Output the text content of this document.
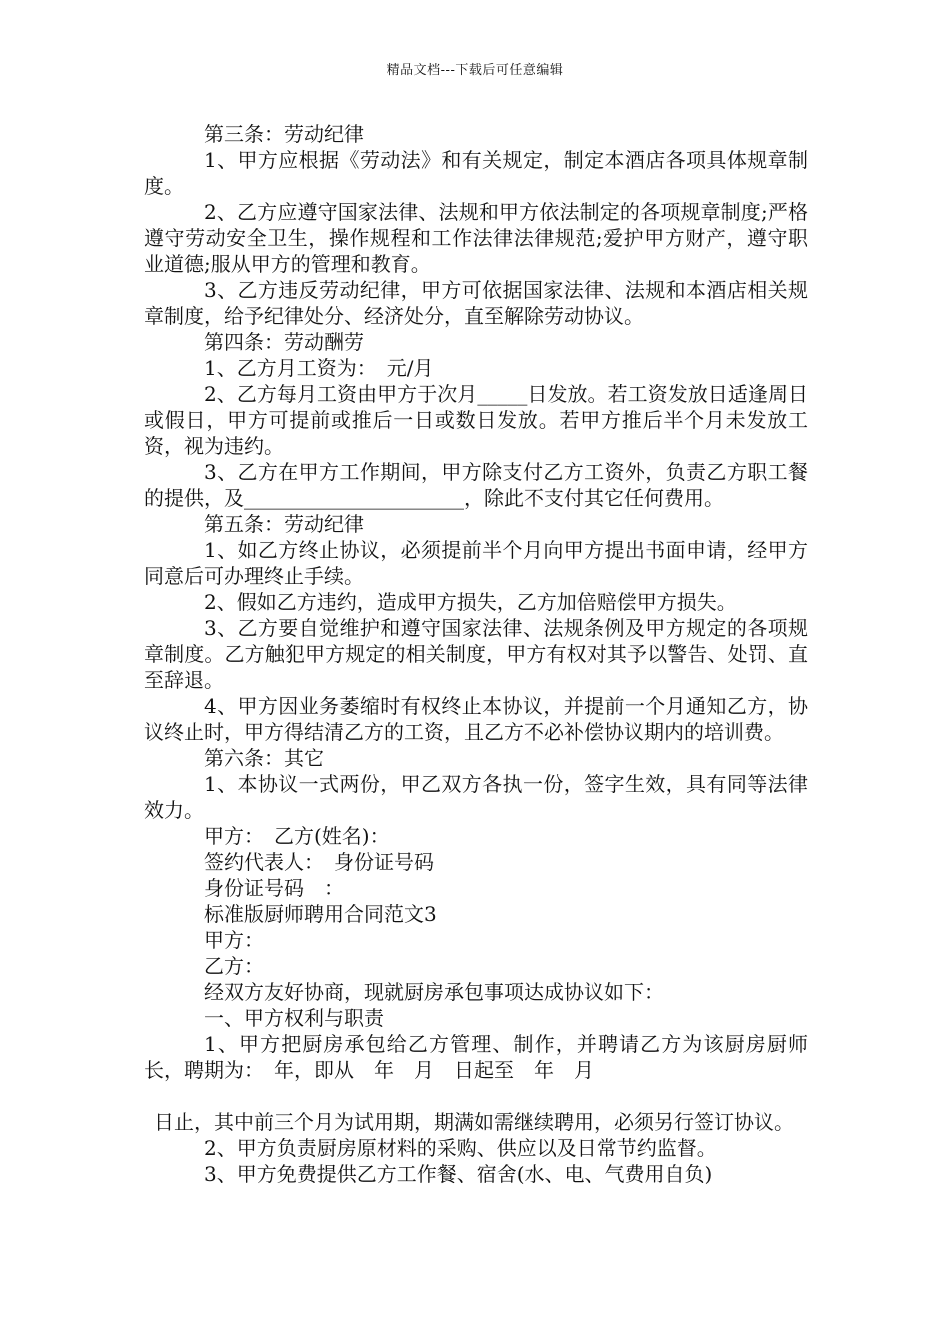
精品文档---下载后可任意编辑

第三条：劳动纪律

1、甲方应根据《劳动法》和有关规定，制定本酒店各项具体规章制度。

2、乙方应遵守国家法律、法规和甲方依法制定的各项规章制度;严格遵守劳动安全卫生，操作规程和工作法律法律规范;爱护甲方财产，遵守职业道德;服从甲方的管理和教育。

3、乙方违反劳动纪律，甲方可依据国家法律、法规和本酒店相关规章制度，给予纪律处分、经济处分，直至解除劳动协议。

第四条：劳动酬劳

1、乙方月工资为：　元/月

2、乙方每月工资由甲方于次月_____日发放。若工资发放日适逢周日或假日，甲方可提前或推后一日或数日发放。若甲方推后半个月未发放工资，视为违约。

3、乙方在甲方工作期间，甲方除支付乙方工资外，负责乙方职工餐的提供，及______________________，除此不支付其它任何费用。

第五条：劳动纪律

1、如乙方终止协议，必须提前半个月向甲方提出书面申请，经甲方同意后可办理终止手续。

2、假如乙方违约，造成甲方损失，乙方加倍赔偿甲方损失。

3、乙方要自觉维护和遵守国家法律、法规条例及甲方规定的各项规章制度。乙方触犯甲方规定的相关制度，甲方有权对其予以警告、处罚、直至辞退。

4、甲方因业务萎缩时有权终止本协议，并提前一个月通知乙方，协议终止时，甲方得结清乙方的工资，且乙方不必补偿协议期内的培训费。

第六条：其它

1、本协议一式两份，甲乙双方各执一份，签字生效，具有同等法律效力。

甲方：　乙方(姓名)：

签约代表人：　身份证号码

身份证号码　：

标准版厨师聘用合同范文3

甲方：

乙方：

经双方友好协商，现就厨房承包事项达成协议如下：

一、甲方权利与职责

1、甲方把厨房承包给乙方管理、制作，并聘请乙方为该厨房厨师长，聘期为：　年，即从　年　月　日起至　年　月

日止，其中前三个月为试用期，期满如需继续聘用，必须另行签订协议。

2、甲方负责厨房原材料的采购、供应以及日常节约监督。

3、甲方免费提供乙方工作餐、宿舍(水、电、气费用自负)
